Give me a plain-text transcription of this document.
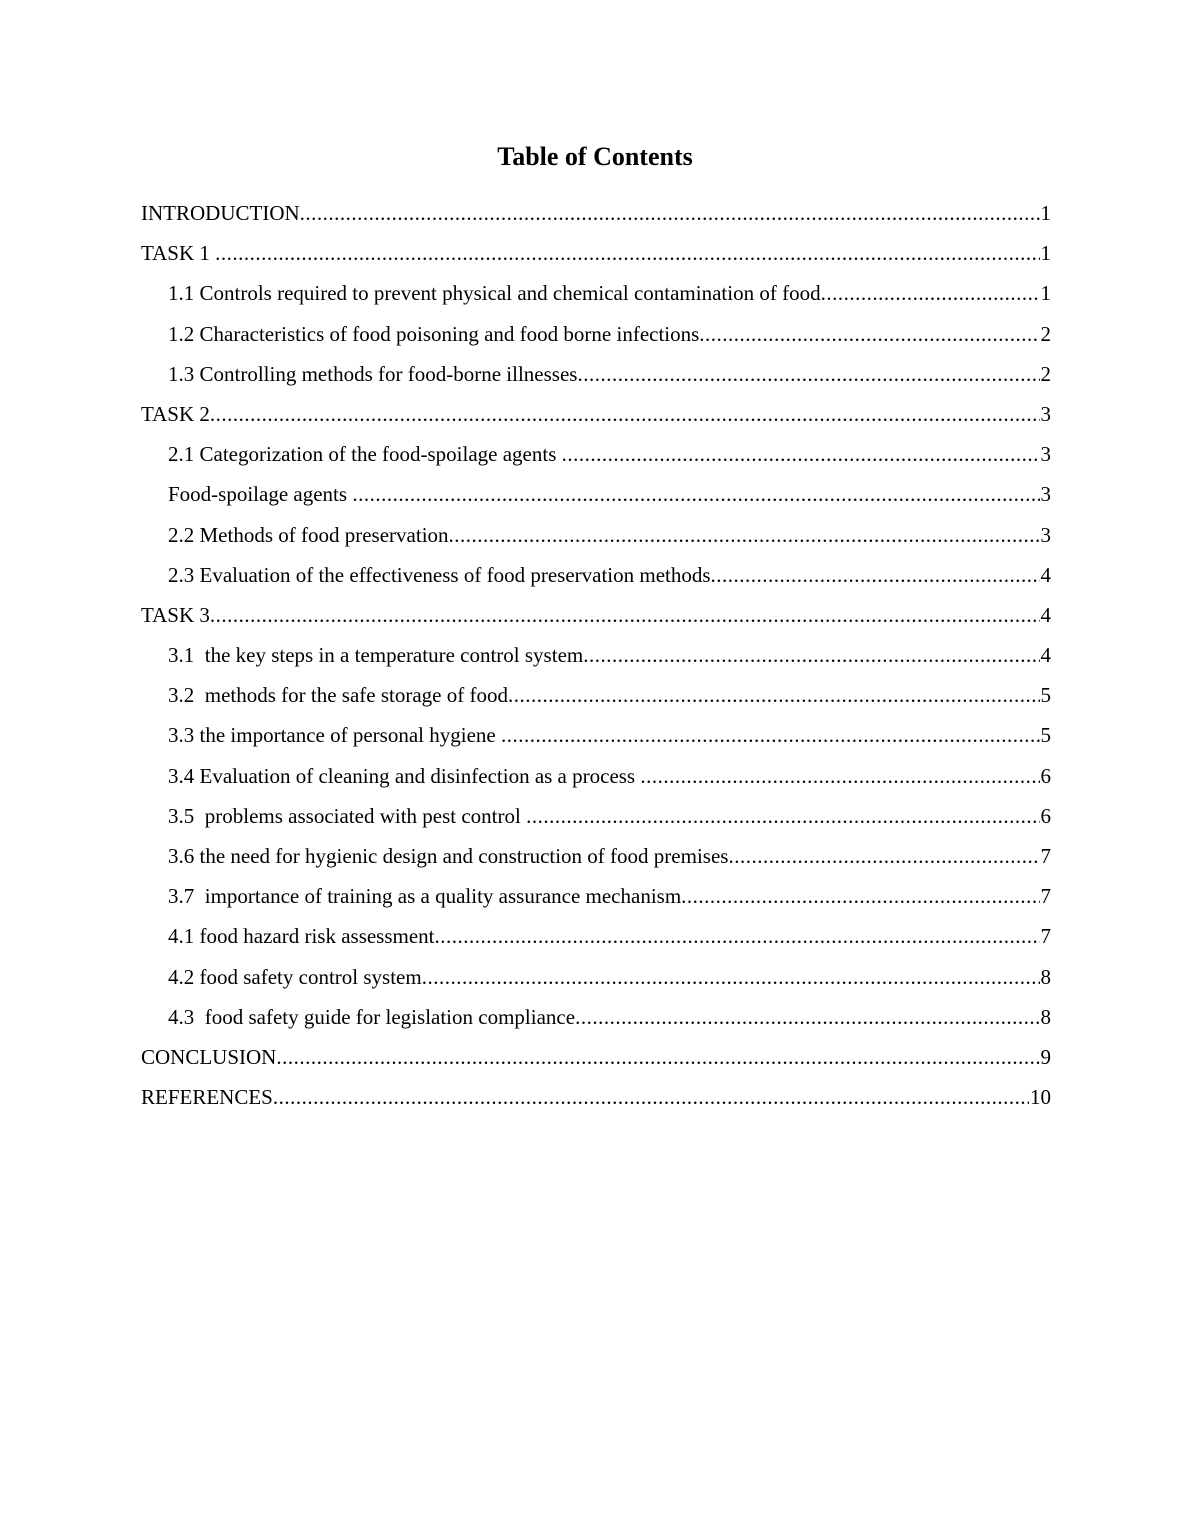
Table of Contents
INTRODUCTION .....	1
TASK 1 .....	1
1.1 Controls required to prevent physical and chemical contamination of food .....	1
1.2 Characteristics of food poisoning and food borne infections .....	2
1.3 Controlling methods for food-borne illnesses .....	2
TASK 2 .....	3
2.1 Categorization of the food-spoilage agents .....	3
Food-spoilage agents .....	3
2.2 Methods of food preservation .....	3
2.3 Evaluation of the effectiveness of food preservation methods .....	4
TASK 3 .....	4
3.1  the key steps in a temperature control system .....	4
3.2  methods for the safe storage of food .....	5
3.3 the importance of personal hygiene .....	5
3.4 Evaluation of cleaning and disinfection as a process .....	6
3.5  problems associated with pest control .....	6
3.6 the need for hygienic design and construction of food premises .....	7
3.7  importance of training as a quality assurance mechanism .....	7
4.1 food hazard risk assessment .....	7
4.2 food safety control system .....	8
4.3  food safety guide for legislation compliance .....	8
CONCLUSION .....	9
REFERENCES .....	10
